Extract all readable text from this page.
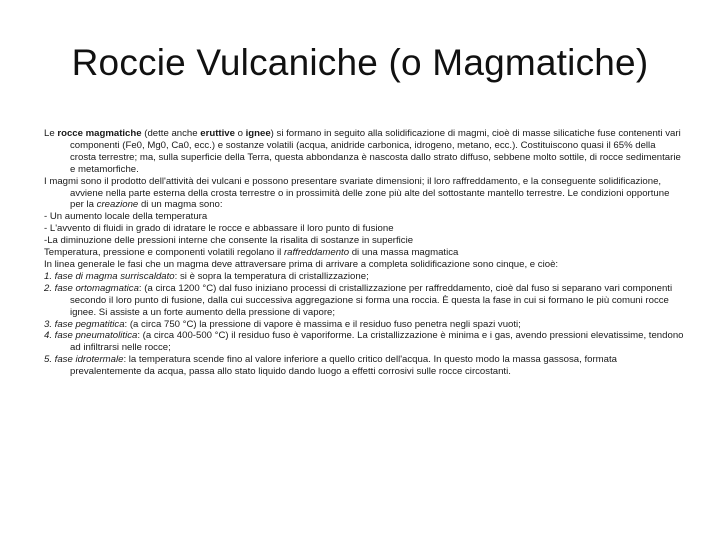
Roccie Vulcaniche (o Magmatiche)

Le rocce magmatiche (dette anche eruttive o ignee) si formano in seguito alla solidificazione di magmi, cioè di masse silicatiche fuse contenenti vari componenti (Fe0, Mg0, Ca0, ecc.) e sostanze volatili (acqua, anidride carbonica, idrogeno, metano, ecc.). Costituiscono quasi il 65% della crosta terrestre; ma, sulla superficie della Terra, questa abbondanza è nascosta dallo strato diffuso, sebbene molto sottile, di rocce sedimentarie e metamorfiche.

I magmi sono il prodotto dell'attività dei vulcani e possono presentare svariate dimensioni; il loro raffreddamento, e la conseguente solidificazione, avviene nella parte esterna della crosta terrestre o in prossimità delle zone più alte del sottostante mantello terrestre. Le condizioni opportune per la creazione di un magma sono:

- Un aumento locale della temperatura

- L'avvento di fluidi in grado di idratare le rocce e abbassare il loro punto di fusione

-La diminuzione delle pressioni interne che consente la risalita di sostanze in superficie

Temperatura, pressione e componenti volatili regolano il raffreddamento di una massa magmatica

In linea generale le fasi che un magma deve attraversare prima di arrivare a completa solidificazione sono cinque, e cioè:

1. fase di magma surriscaldato: si è sopra la temperatura di cristallizzazione;

2. fase ortomagmatica: (a circa 1200 °C) dal fuso iniziano processi di cristallizzazione per raffreddamento, cioè dal fuso si separano vari componenti secondo il loro punto di fusione, dalla cui successiva aggregazione si forma una roccia. È questa la fase in cui si formano le più comuni rocce ignee. Si assiste a un forte aumento della pressione di vapore;

3. fase pegmatitica: (a circa 750 °C) la pressione di vapore è massima e il residuo fuso penetra negli spazi vuoti;

4. fase pneumatolitica: (a circa 400-500 °C) il residuo fuso è vaporiforme. La cristallizzazione è minima e i gas, avendo pressioni elevatissime, tendono ad infiltrarsi nelle rocce;

5. fase idrotermale: la temperatura scende fino al valore inferiore a quello critico dell'acqua. In questo modo la massa gassosa, formata prevalentemente da acqua, passa allo stato liquido dando luogo a effetti corrosivi sulle rocce circostanti.
